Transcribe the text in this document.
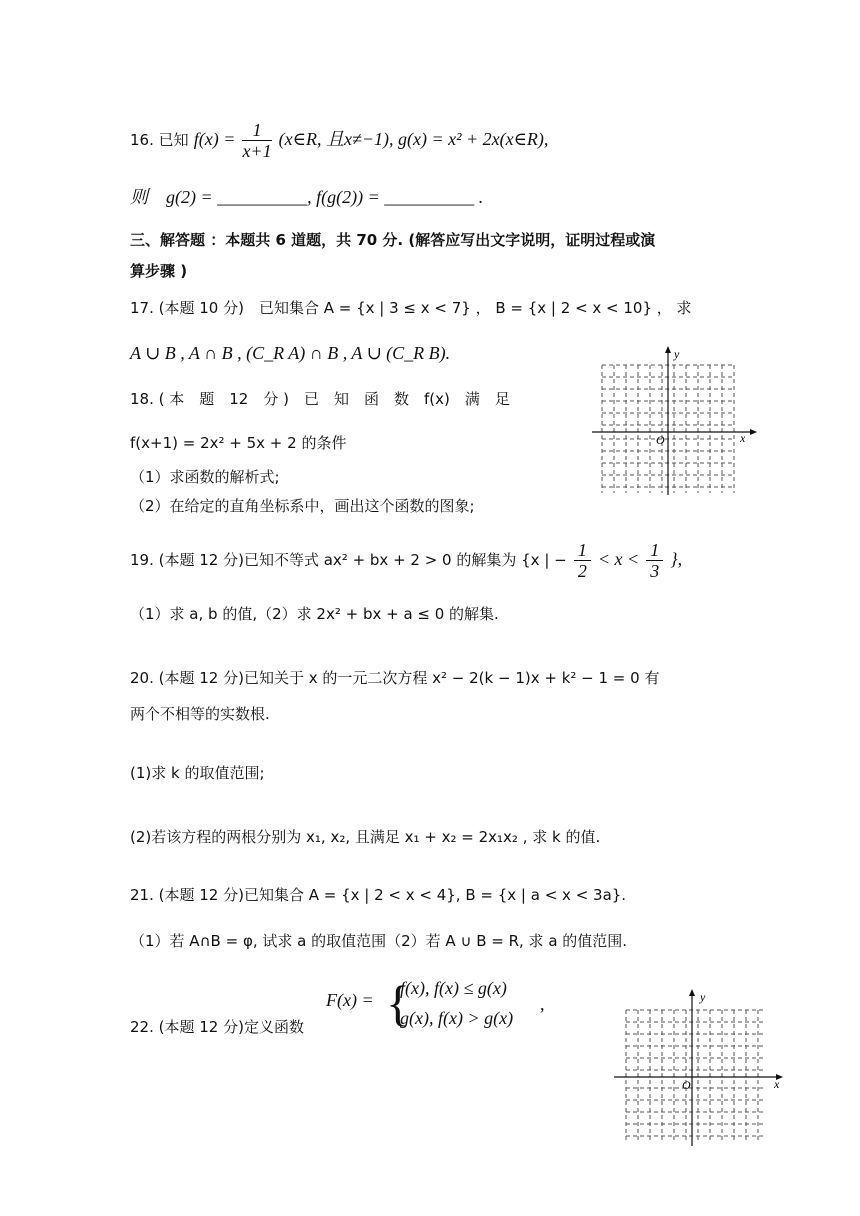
16. 已知 $f(x) = \frac{1}{x+1}$ (x∈R, 且x≠−1), g(x) = x² + 2x(x∈R),
则　g(2) = __________, f(g(2)) = __________ .
三、解答题 ：本题共 6 道题，共 70 分. (解答应写出文字说明，证明过程或演
算步骤 )
17. (本题 10 分)　已知集合 A = {x | 3 ≤ x < 7} ， B = {x | 2 < x < 10} ， 求
A ∪ B , A ∩ B , (C_R A) ∩ B , A ∪ (C_R B).
18. ( 本　题　12　分 )　已　知　函　数　f(x)　满　足
f(x+1) = 2x² + 5x + 2 的条件
（1）求函数的解析式;
（2）在给定的直角坐标系中，画出这个函数的图象;
x
y
O
19. (本题 12 分)已知不等式 ax² + bx + 2 > 0 的解集为 {x | − $\frac{1}{2} < x < \frac{1}{3}$ },
（1）求 a, b 的值,（2）求 2x² + bx + a ≤ 0 的解集.
20. (本题 12 分)已知关于 x 的一元二次方程 x² − 2(k − 1)x + k² − 1 = 0 有
两个不相等的实数根.
(1)求 k 的取值范围;
(2)若该方程的两根分别为 x₁, x₂, 且满足 x₁ + x₂ = 2x₁x₂ , 求 k 的值.
21. (本题 12 分)已知集合 A = {x | 2 < x < 4}, B = {x | a < x < 3a}.
（1）若 A∩B = φ, 试求 a 的取值范围（2）若 A ∪ B = R, 求 a 的值范围.
22. (本题 12 分)定义函数
F(x) = {
f(x), f(x) ≤ g(x)
g(x), f(x) > g(x)
,
x
y
O
